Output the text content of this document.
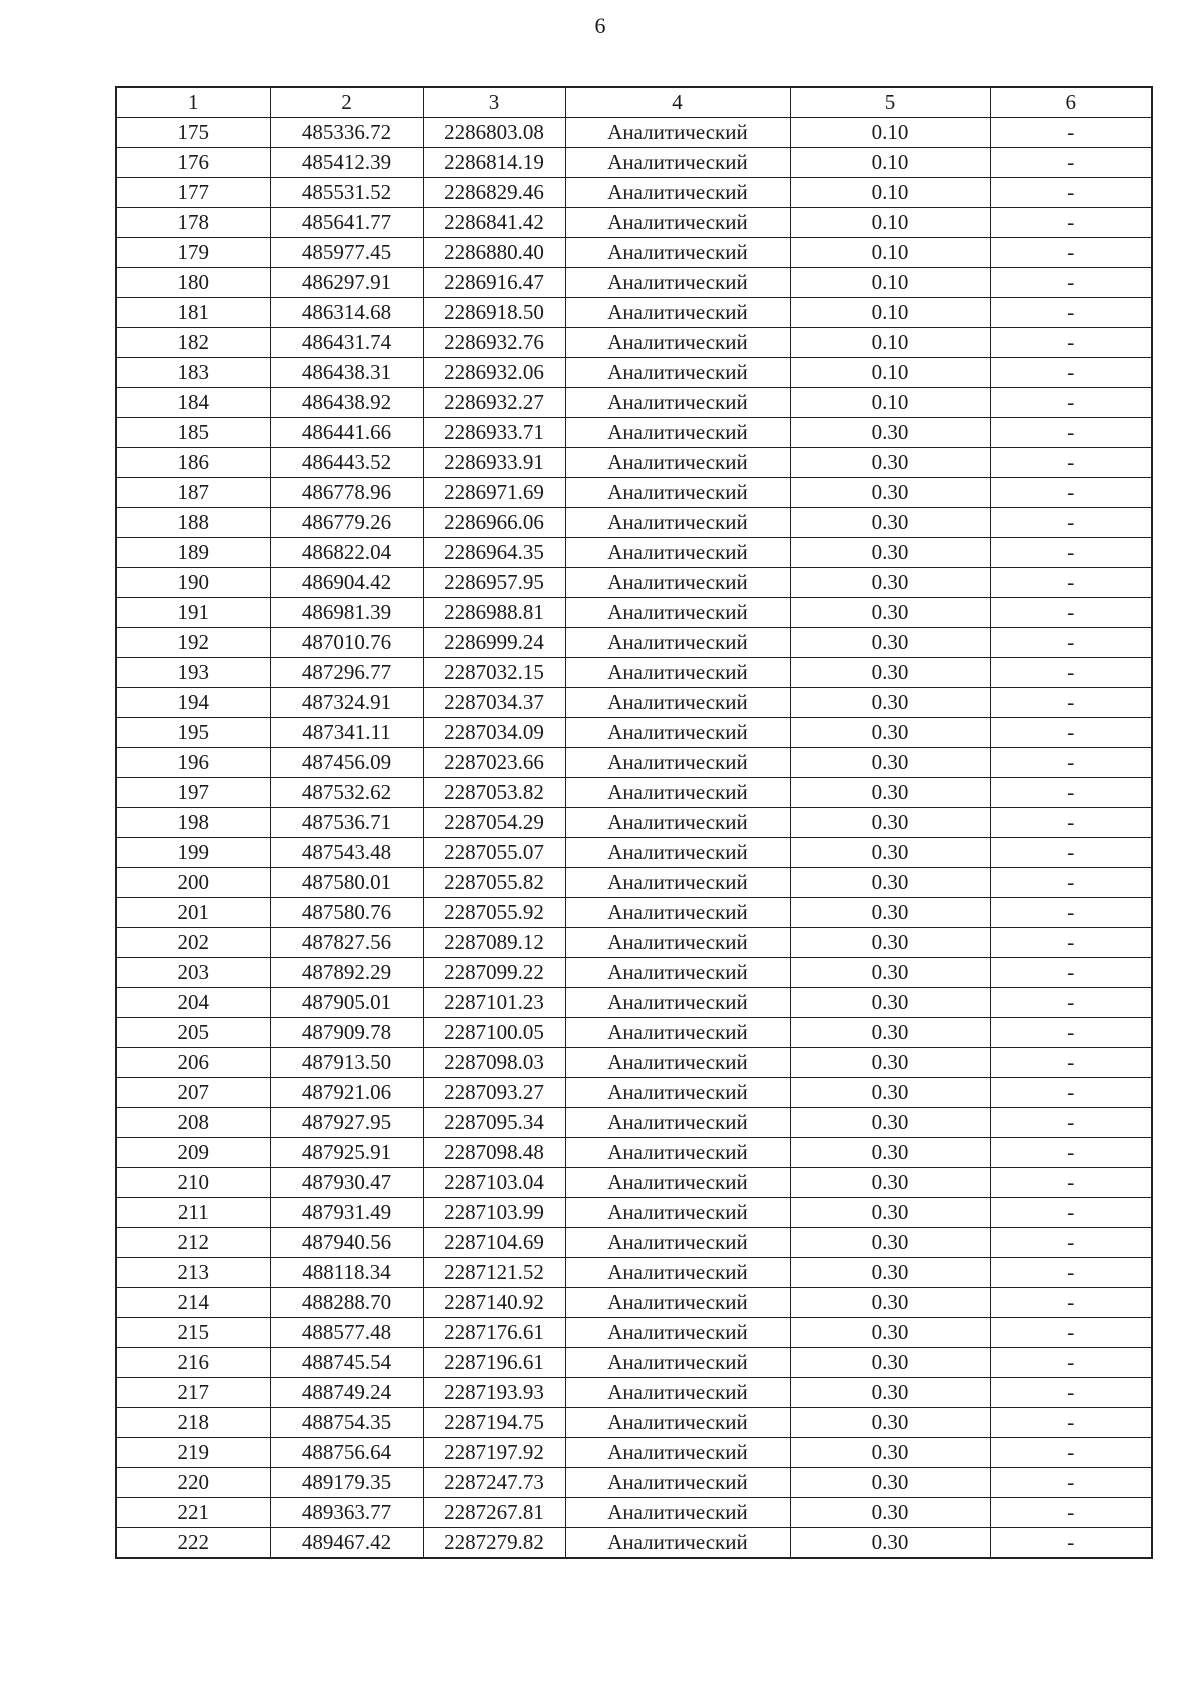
6
1	2	3	4	5	6
175	485336.72	2286803.08	Аналитический	0.10	-
176	485412.39	2286814.19	Аналитический	0.10	-
177	485531.52	2286829.46	Аналитический	0.10	-
178	485641.77	2286841.42	Аналитический	0.10	-
179	485977.45	2286880.40	Аналитический	0.10	-
180	486297.91	2286916.47	Аналитический	0.10	-
181	486314.68	2286918.50	Аналитический	0.10	-
182	486431.74	2286932.76	Аналитический	0.10	-
183	486438.31	2286932.06	Аналитический	0.10	-
184	486438.92	2286932.27	Аналитический	0.10	-
185	486441.66	2286933.71	Аналитический	0.30	-
186	486443.52	2286933.91	Аналитический	0.30	-
187	486778.96	2286971.69	Аналитический	0.30	-
188	486779.26	2286966.06	Аналитический	0.30	-
189	486822.04	2286964.35	Аналитический	0.30	-
190	486904.42	2286957.95	Аналитический	0.30	-
191	486981.39	2286988.81	Аналитический	0.30	-
192	487010.76	2286999.24	Аналитический	0.30	-
193	487296.77	2287032.15	Аналитический	0.30	-
194	487324.91	2287034.37	Аналитический	0.30	-
195	487341.11	2287034.09	Аналитический	0.30	-
196	487456.09	2287023.66	Аналитический	0.30	-
197	487532.62	2287053.82	Аналитический	0.30	-
198	487536.71	2287054.29	Аналитический	0.30	-
199	487543.48	2287055.07	Аналитический	0.30	-
200	487580.01	2287055.82	Аналитический	0.30	-
201	487580.76	2287055.92	Аналитический	0.30	-
202	487827.56	2287089.12	Аналитический	0.30	-
203	487892.29	2287099.22	Аналитический	0.30	-
204	487905.01	2287101.23	Аналитический	0.30	-
205	487909.78	2287100.05	Аналитический	0.30	-
206	487913.50	2287098.03	Аналитический	0.30	-
207	487921.06	2287093.27	Аналитический	0.30	-
208	487927.95	2287095.34	Аналитический	0.30	-
209	487925.91	2287098.48	Аналитический	0.30	-
210	487930.47	2287103.04	Аналитический	0.30	-
211	487931.49	2287103.99	Аналитический	0.30	-
212	487940.56	2287104.69	Аналитический	0.30	-
213	488118.34	2287121.52	Аналитический	0.30	-
214	488288.70	2287140.92	Аналитический	0.30	-
215	488577.48	2287176.61	Аналитический	0.30	-
216	488745.54	2287196.61	Аналитический	0.30	-
217	488749.24	2287193.93	Аналитический	0.30	-
218	488754.35	2287194.75	Аналитический	0.30	-
219	488756.64	2287197.92	Аналитический	0.30	-
220	489179.35	2287247.73	Аналитический	0.30	-
221	489363.77	2287267.81	Аналитический	0.30	-
222	489467.42	2287279.82	Аналитический	0.30	-
